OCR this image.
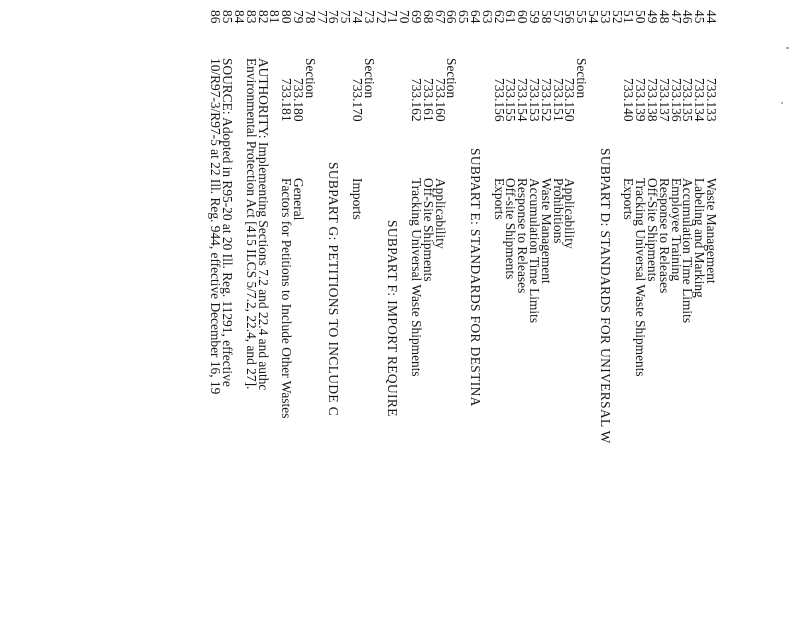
44
733.133
Waste Management
45
733.134
Labeling and Marking
46
733.135
Accumulation Time Limits
47
733.136
Employee Training
48
733.137
Response to Releases
49
733.138
Off-Site Shipments
50
733.139
Tracking Universal Waste Shipments
51
733.140
Exports
52
53
SUBPART D: STANDARDS FOR UNIVERSAL W
54
55
Section
56
733.150
Applicability
57
733.151
Prohibitions
58
733.152
Waste Management
59
733.153
Accumulation Time Limits
60
733.154
Response to Releases
61
733.155
Off-site Shipments
62
733.156
Exports
63
64
SUBPART E: STANDARDS FOR DESTINA
65
66
Section
67
733.160
Applicability
68
733.161
Off-Site Shipments
69
733.162
Tracking Universal Waste Shipments
70
71
SUBPART F: IMPORT REQUIRE
72
73
Section
74
733.170
Imports
75
76
SUBPART G: PETITIONS TO INCLUDE C
77
78
Section
79
733.180
General
80
733.181
Factors for Petitions to Include Other Wastes
81
82
AUTHORITY: Implementing Sections 7.2 and 22.4 and authc
83
Environmental Protection Act [415 ILCS 5/7.2, 22.4, and 27].
84
85
SOURCE: Adopted in R95-20 at 20 Ill. Reg. 11291, effective
86
10/R97-3/R97-5 at 22 Ill. Reg. 944, effective December 16, 19
